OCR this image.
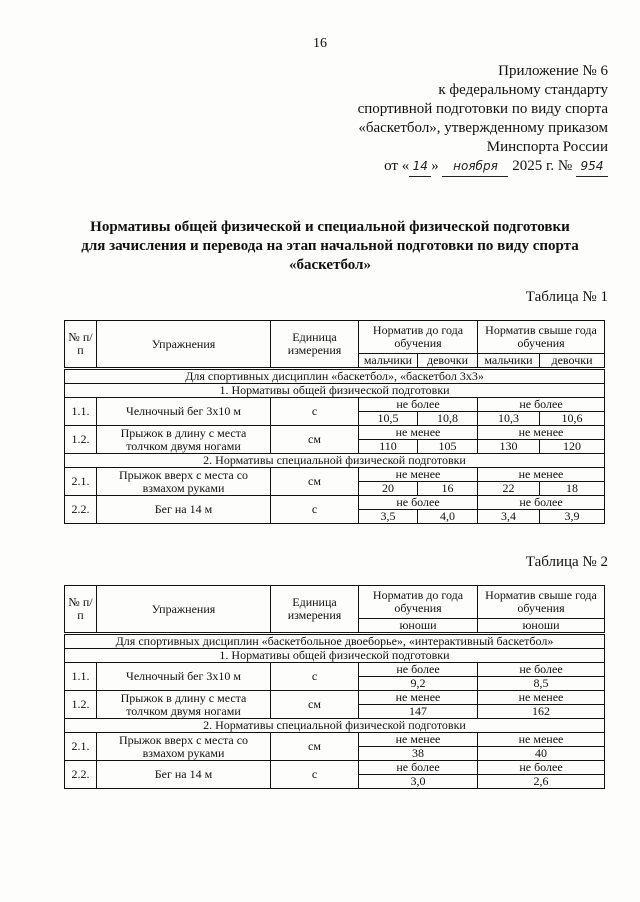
16
Приложение № 6
к федеральному стандарту
спортивной подготовки по виду спорта
«баскетбол», утвержденному приказом
Минспорта России
от « 14 » ноября 2025 г. № 954
Нормативы общей физической и специальной физической подготовки
для зачисления и перевода на этап начальной подготовки по виду спорта
«баскетбол»
Таблица № 1
№ п/п	Упражнения	Единица измерения	Норматив до года обучения		Норматив свыше года обучения	
			мальчики	девочки	мальчики	девочки
Для спортивных дисциплин «баскетбол», «баскетбол 3x3»						
1. Нормативы общей физической подготовки						
1.1.	Челночный бег 3x10 м	с	не более		не более	
			10,5	10,8	10,3	10,6
1.2.	Прыжок в длину с места толчком двумя ногами	см	не менее		не менее	
			110	105	130	120
2. Нормативы специальной физической подготовки						
2.1.	Прыжок вверх с места со взмахом руками	см	не менее		не менее	
			20	16	22	18
2.2.	Бег на 14 м	с	не более		не более	
			3,5	4,0	3,4	3,9
Таблица № 2
№ п/п	Упражнения	Единица измерения	Норматив до года обучения	Норматив свыше года обучения
			юноши	юноши
Для спортивных дисциплин «баскетбольное двоеборье», «интерактивный баскетбол»				
1. Нормативы общей физической подготовки				
1.1.	Челночный бег 3x10 м	с	не более	не более
			9,2	8,5
1.2.	Прыжок в длину с места толчком двумя ногами	см	не менее	не менее
			147	162
2. Нормативы специальной физической подготовки				
2.1.	Прыжок вверх с места со взмахом руками	см	не менее	не менее
			38	40
2.2.	Бег на 14 м	с	не более	не более
			3,0	2,6
